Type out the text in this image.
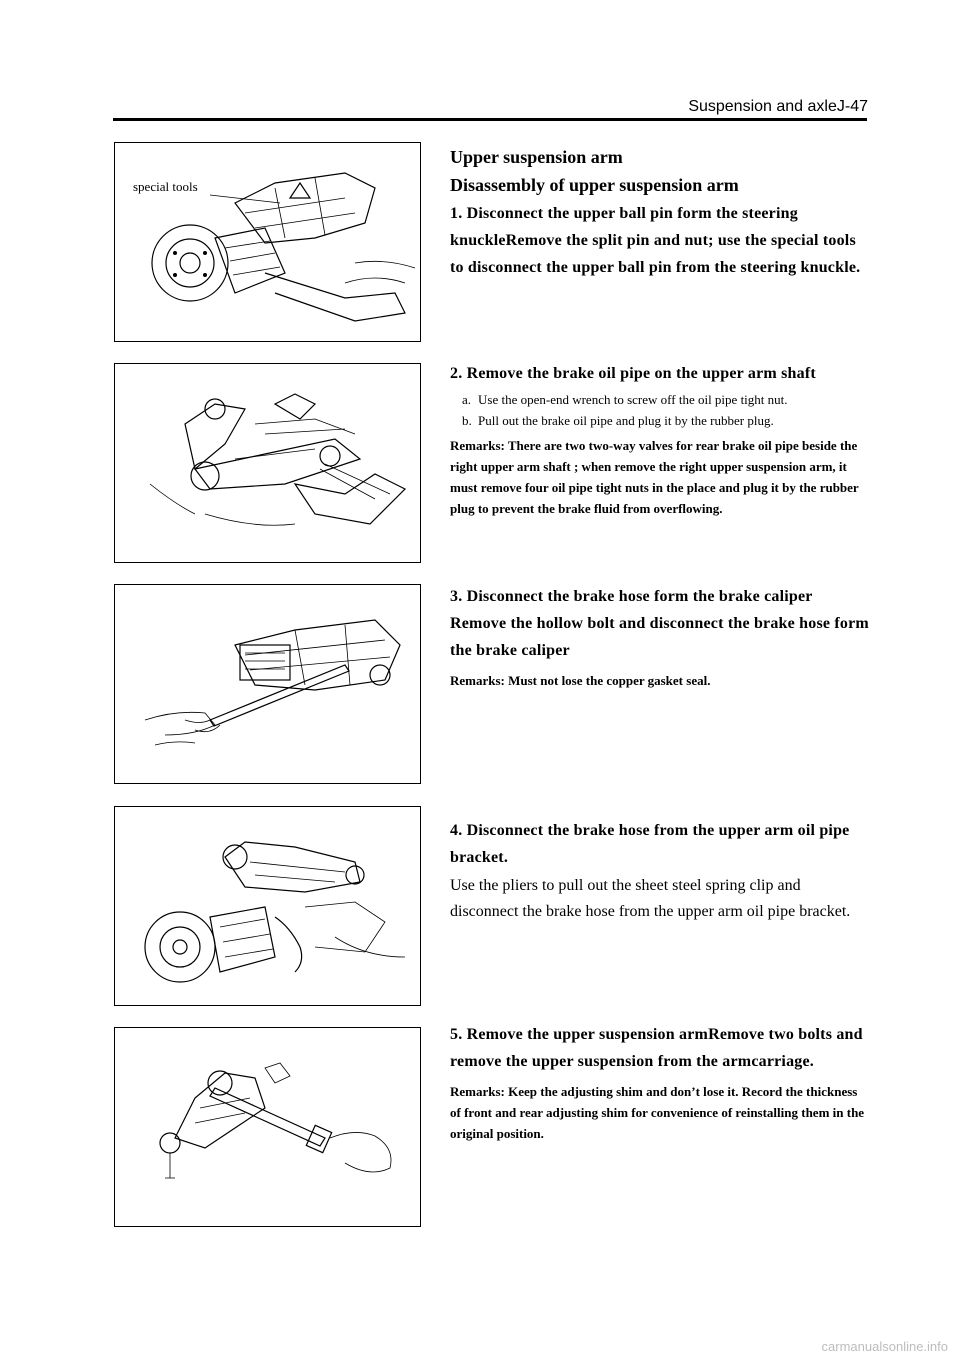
Suspension and axleJ-47
special tools

Upper suspension arm

Disassembly of upper suspension arm

1. Disconnect the upper ball pin form the steering knuckleRemove the split pin and nut; use the special tools to disconnect the upper ball pin from the steering knuckle.

2. Remove the brake oil pipe on the upper arm shaft

a. Use the open-end wrench to screw off the oil pipe tight nut.
b. Pull out the brake oil pipe and plug it by the rubber plug.

Remarks: There are two two-way valves for rear brake oil pipe beside the right upper arm shaft ; when remove the right upper suspension arm, it must remove four oil pipe tight nuts in the place and plug it by the rubber plug to prevent the brake fluid from overflowing.

3. Disconnect the brake hose form the brake caliper Remove the hollow bolt and disconnect the brake hose form the brake caliper

Remarks: Must not lose the copper gasket seal.

4. Disconnect the brake hose from the upper arm oil pipe bracket.

Use the pliers to pull out the sheet steel spring clip and disconnect the brake hose from the upper arm oil pipe bracket.

5. Remove the upper suspension armRemove two bolts and remove the upper suspension from the armcarriage.

Remarks: Keep the adjusting shim and don’t lose it. Record the thickness of front and rear adjusting shim for convenience of reinstalling them in the original position.

carmanualsonline.info
